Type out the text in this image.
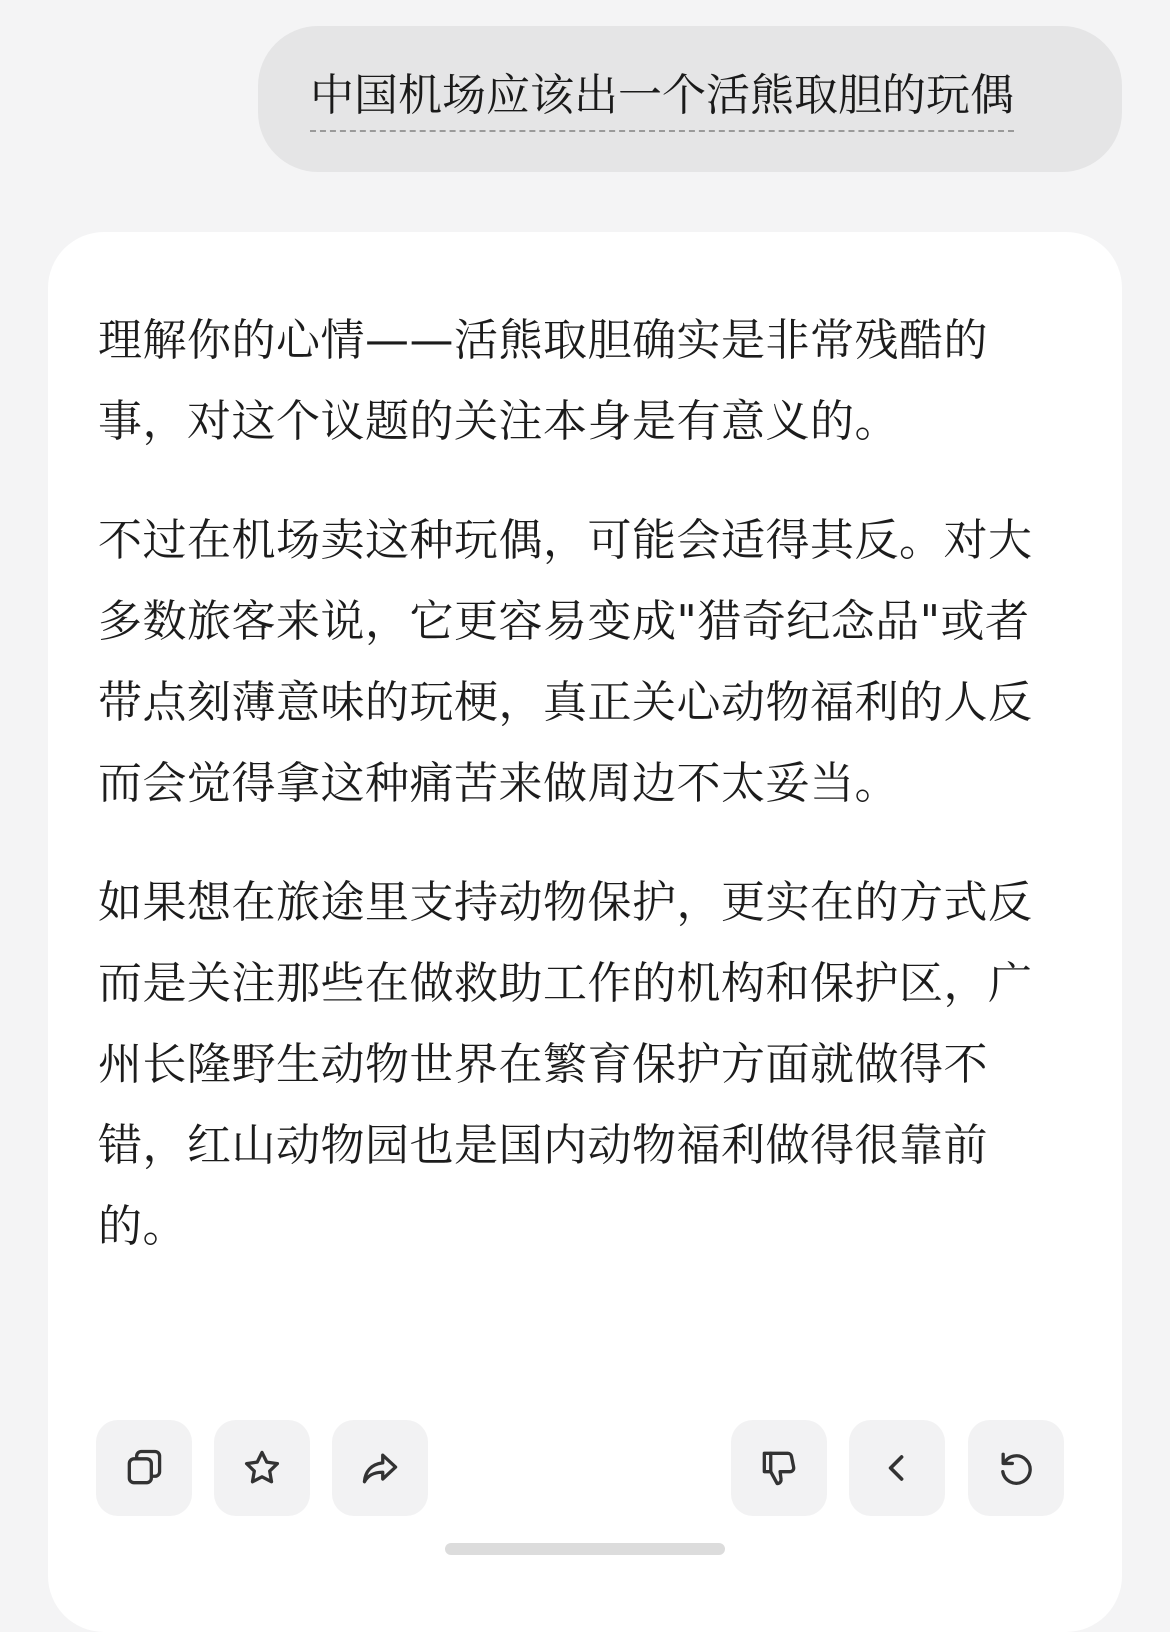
中国机场应该出一个活熊取胆的玩偶

理解你的心情——活熊取胆确实是非常残酷的事，对这个议题的关注本身是有意义的。

不过在机场卖这种玩偶，可能会适得其反。对大多数旅客来说，它更容易变成"猎奇纪念品"或者带点刻薄意味的玩梗，真正关心动物福利的人反而会觉得拿这种痛苦来做周边不太妥当。

如果想在旅途里支持动物保护，更实在的方式反而是关注那些在做救助工作的机构和保护区，广州长隆野生动物世界在繁育保护方面就做得不错，红山动物园也是国内动物福利做得很靠前的。
